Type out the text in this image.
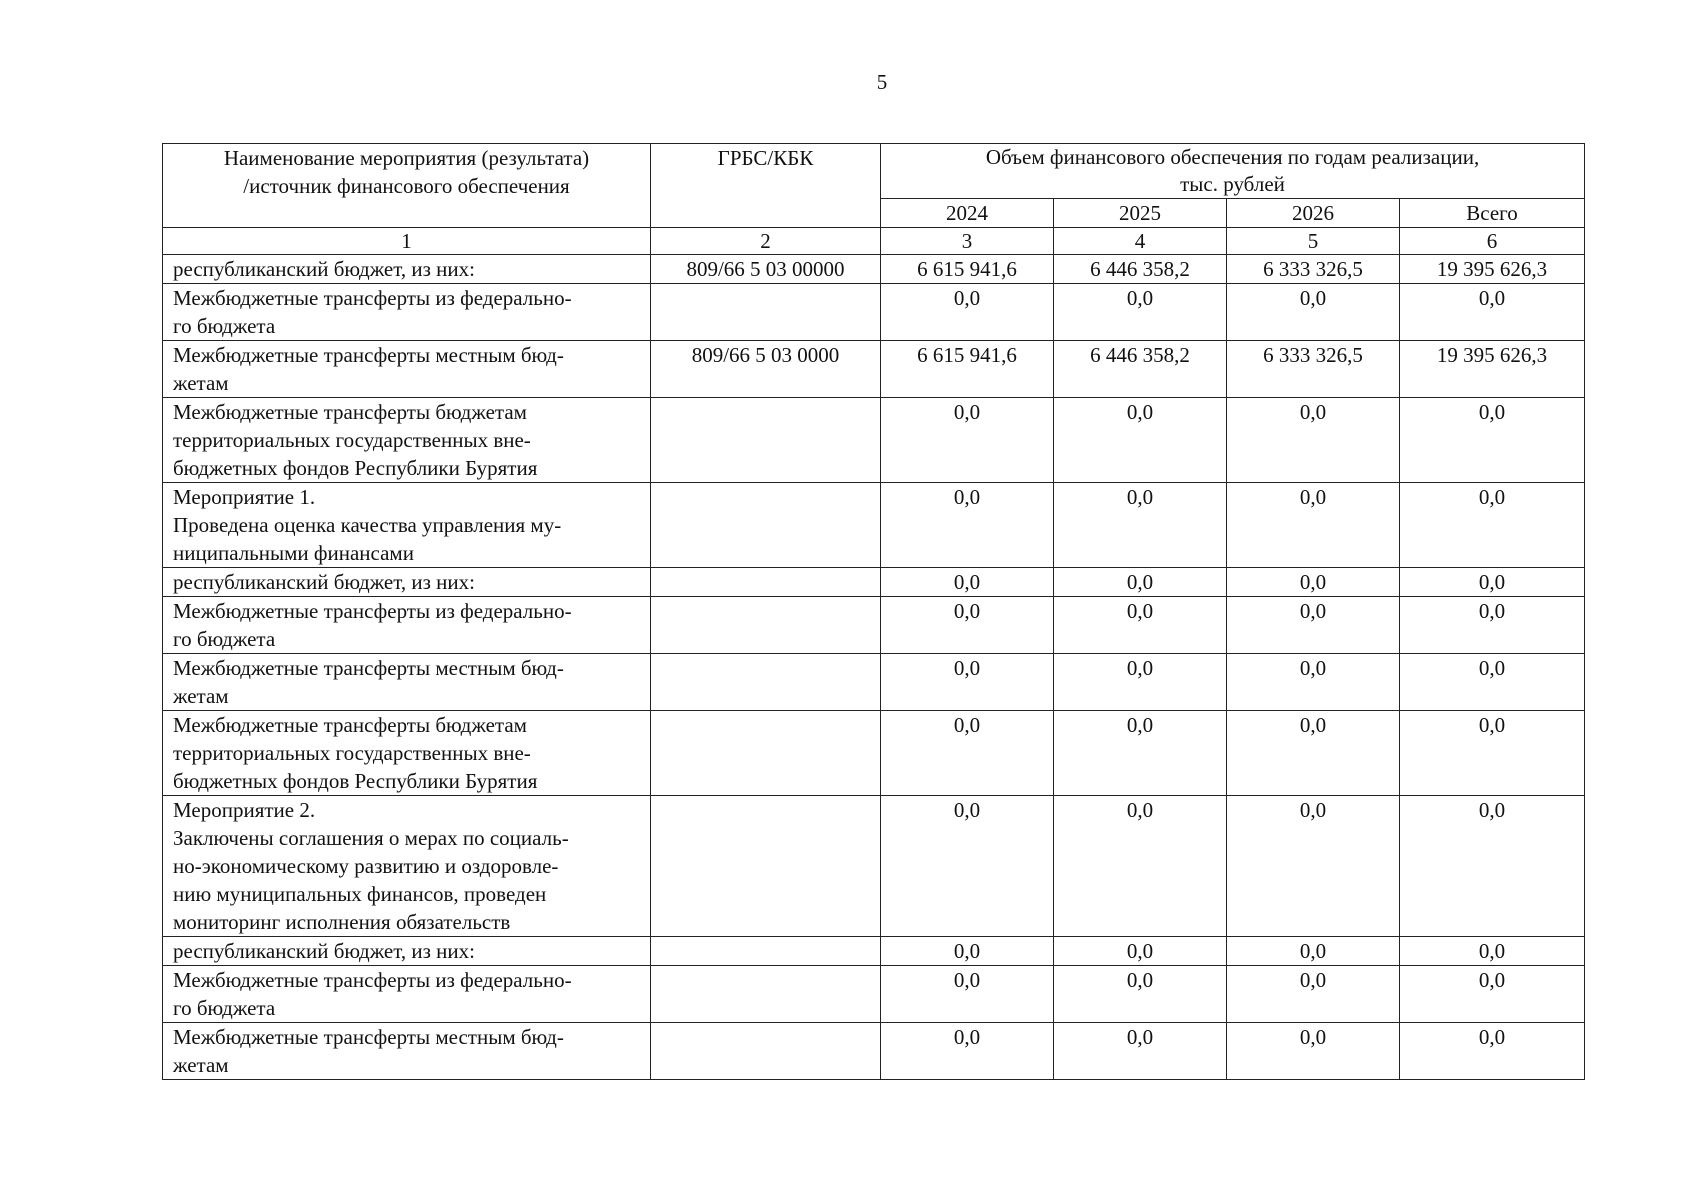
5
Наименование мероприятия (результата)
/источник финансового обеспечения	ГРБС/КБК	Объем финансового обеспечения по годам реализации,
тыс. рублей			

		2024	2025	2026	Всего
1	2	3	4	5	6

республиканский бюджет, из них:	809/66 5 03 00000	6 615 941,6	6 446 358,2	6 333 326,5	19 395 626,3

Межбюджетные трансферты из федерально-
го бюджета		0,0	0,0	0,0	0,0

Межбюджетные трансферты местным бюд-
жетам	809/66 5 03 0000	6 615 941,6	6 446 358,2	6 333 326,5	19 395 626,3

Межбюджетные трансферты бюджетам
территориальных государственных вне-
бюджетных фондов Республики Бурятия		0,0	0,0	0,0	0,0

Мероприятие 1.
Проведена оценка качества управления му-
ниципальными финансами		0,0	0,0	0,0	0,0

республиканский бюджет, из них:		0,0	0,0	0,0	0,0

Межбюджетные трансферты из федерально-
го бюджета		0,0	0,0	0,0	0,0

Межбюджетные трансферты местным бюд-
жетам		0,0	0,0	0,0	0,0

Межбюджетные трансферты бюджетам
территориальных государственных вне-
бюджетных фондов Республики Бурятия		0,0	0,0	0,0	0,0

Мероприятие 2.
Заключены соглашения о мерах по социаль-
но-экономическому развитию и оздоровле-
нию муниципальных финансов, проведен
мониторинг исполнения обязательств		0,0	0,0	0,0	0,0

республиканский бюджет, из них:		0,0	0,0	0,0	0,0

Межбюджетные трансферты из федерально-
го бюджета		0,0	0,0	0,0	0,0

Межбюджетные трансферты местным бюд-
жетам		0,0	0,0	0,0	0,0
